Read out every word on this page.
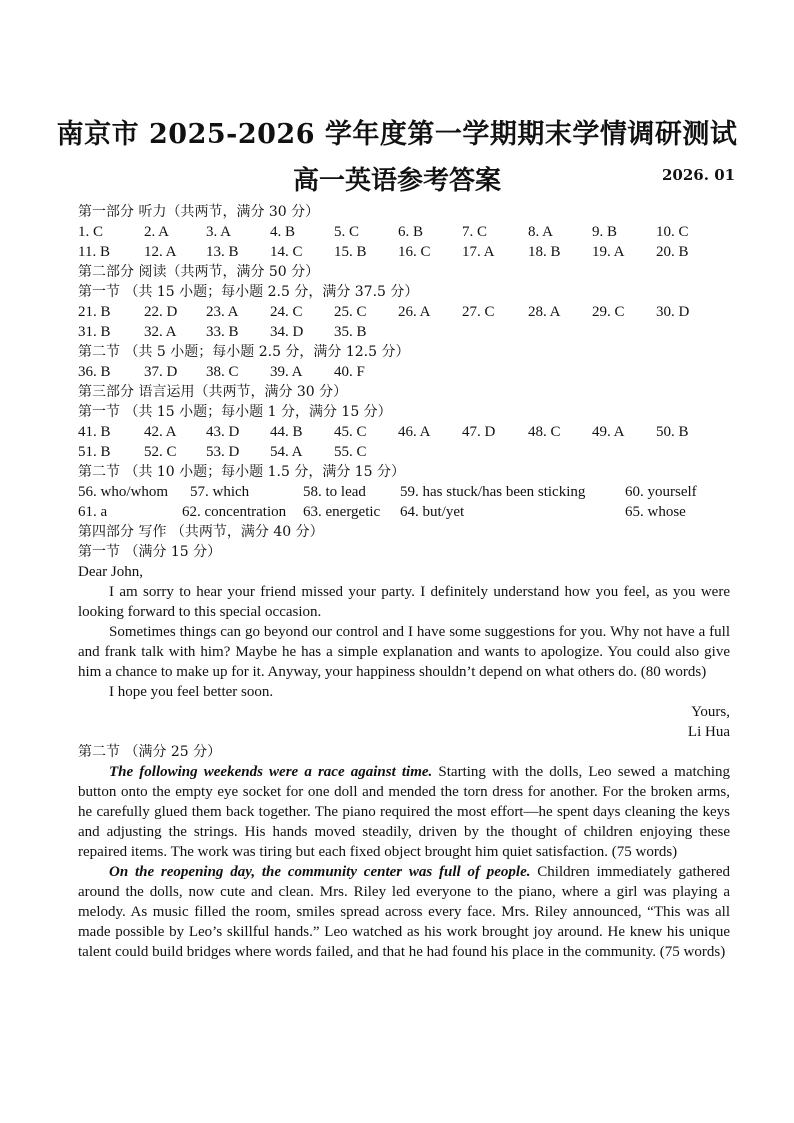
南京市 2025-2026 学年度第一学期期末学情调研测试
高一英语参考答案	2026. 01
第一部分 听力（共两节，满分 30 分）
1. C	2. A 3. A	4. B	5. C	6. B	7. C	8. A	9. B	10. C
11. B 12. A 13. B 14. C 15. B 16. C 17. A 18. B 19. A 20. B
第二部分 阅读（共两节，满分 50 分）
第一节 （共 15 小题；每小题 2.5 分，满分 37.5 分）
21. B 22. D 23. A 24. C 25. C 26. A 27. C 28. A 29. C 30. D
31. B 32. A 33. B 34. D 35. B
第二节 （共 5 小题；每小题 2.5 分，满分 12.5 分）
36. B 37. D 38. C 39. A 40. F
第三部分 语言运用（共两节，满分 30 分）
第一节 （共 15 小题；每小题 1 分，满分 15 分）
41. B 42. A 43. D 44. B 45. C 46. A 47. D 48. C 49. A 50. B
51. B 52. C 53. D 54. A 55. C
第二节 （共 10 小题；每小题 1.5 分，满分 15 分）
56. who/whom 57. which	58. to lead 59. has stuck/has been sticking	60. yourself
61. a	62. concentration 63. energetic 64. but/yet	65. whose
第四部分 写作 （共两节，满分 40 分）
第一节 （满分 15 分）

Dear John,

I am sorry to hear your friend missed your party. I definitely understand how you feel, as you were looking forward to this special occasion.

Sometimes things can go beyond our control and I have some suggestions for you. Why not have a full and frank talk with him? Maybe he has a simple explanation and wants to apologize. You could also give him a chance to make up for it. Anyway, your happiness shouldn’t depend on what others do. (80 words)

I hope you feel better soon.

Yours,

Li Hua

第二节 （满分 25 分）

The following weekends were a race against time. Starting with the dolls, Leo sewed a matching button onto the empty eye socket for one doll and mended the torn dress for another. For the broken arms, he carefully glued them back together. The piano required the most effort—he spent days cleaning the keys and adjusting the strings. His hands moved steadily, driven by the thought of children enjoying these repaired items. The work was tiring but each fixed object brought him quiet satisfaction. (75 words)

On the reopening day, the community center was full of people. Children immediately gathered around the dolls, now cute and clean. Mrs. Riley led everyone to the piano, where a girl was playing a melody. As music filled the room, smiles spread across every face. Mrs. Riley announced, “This was all made possible by Leo’s skillful hands.” Leo watched as his work brought joy around. He knew his unique talent could build bridges where words failed, and that he had found his place in the community. (75 words)
